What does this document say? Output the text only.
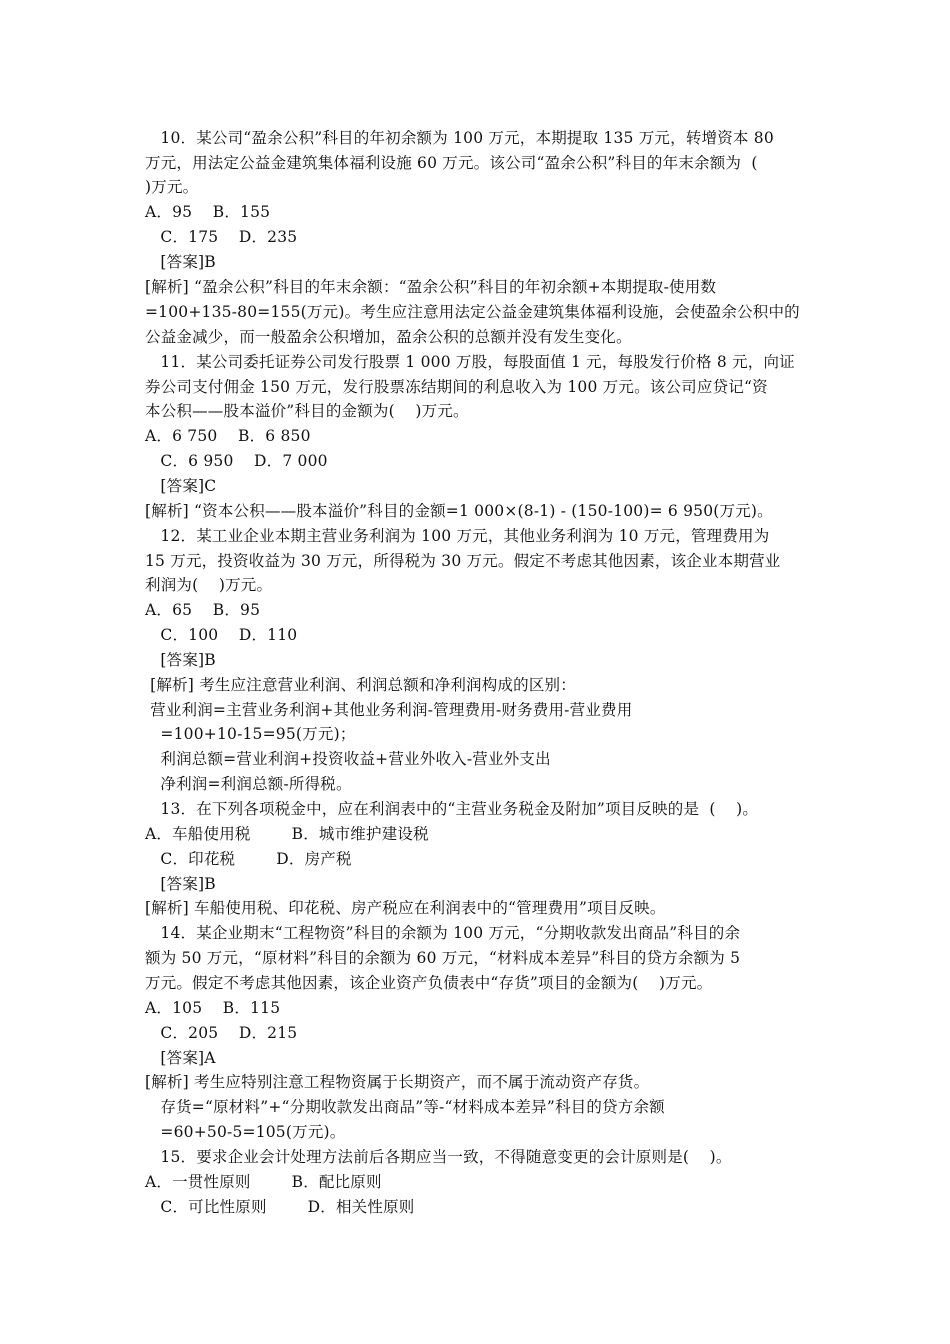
10．某公司“盈余公积”科目的年初余额为 100 万元，本期提取 135 万元，转增资本 80
万元，用法定公益金建筑集体福利设施 60 万元。该公司“盈余公积”科目的年末余额为  (
)万元。
A．95    B．155
C．175    D．235
[答案]B
[解析] “盈余公积”科目的年末余额：“盈余公积”科目的年初余额+本期提取-使用数
=100+135-80=155(万元)。考生应注意用法定公益金建筑集体福利设施，会使盈余公积中的
公益金减少，而一般盈余公积增加，盈余公积的总额并没有发生变化。
11．某公司委托证券公司发行股票 1 000 万股，每股面值 1 元，每股发行价格 8 元，向证
券公司支付佣金 150 万元，发行股票冻结期间的利息收入为 100 万元。该公司应贷记“资
本公积——股本溢价”科目的金额为(    )万元。
A．6 750    B．6 850
C．6 950    D．7 000
[答案]C
[解析] “资本公积——股本溢价”科目的金额=1 000×(8-1) - (150-100)= 6 950(万元)。
12．某工业企业本期主营业务利润为 100 万元，其他业务利润为 10 万元，管理费用为
15 万元，投资收益为 30 万元，所得税为 30 万元。假定不考虑其他因素，该企业本期营业
利润为(    )万元。
A．65    B．95
C．100    D．110
[答案]B
[解析] 考生应注意营业利润、利润总额和净利润构成的区别：
营业利润=主营业务利润+其他业务利润-管理费用-财务费用-营业费用
=100+10-15=95(万元)；
利润总额=营业利润+投资收益+营业外收入-营业外支出
净利润=利润总额-所得税。
13．在下列各项税金中，应在利润表中的“主营业务税金及附加”项目反映的是  (    )。
A．车船使用税        B．城市维护建设税
C．印花税        D．房产税
[答案]B
[解析] 车船使用税、印花税、房产税应在利润表中的“管理费用”项目反映。
14．某企业期末“工程物资”科目的余额为 100 万元，“分期收款发出商品”科目的余
额为 50 万元，“原材料”科目的余额为 60 万元，“材料成本差异”科目的贷方余额为 5
万元。假定不考虑其他因素，该企业资产负债表中“存货”项目的金额为(    )万元。
A．105    B．115
C．205    D．215
[答案]A
[解析] 考生应特别注意工程物资属于长期资产，而不属于流动资产存货。
存货=“原材料”+“分期收款发出商品”等-“材料成本差异”科目的贷方余额
=60+50-5=105(万元)。
15．要求企业会计处理方法前后各期应当一致，不得随意变更的会计原则是(    )。
A．一贯性原则        B．配比原则
C．可比性原则        D．相关性原则
